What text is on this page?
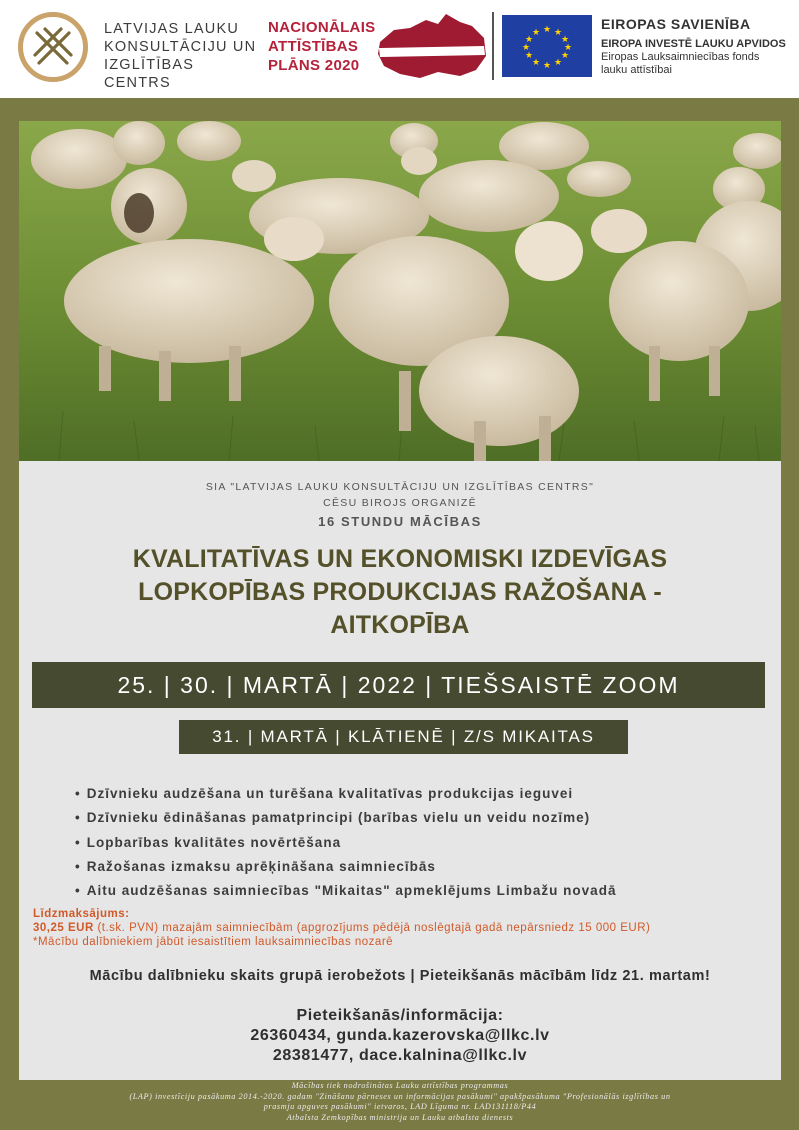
LATVIJAS LAUKU
KONSULTĀCIJU UN
IZGLĪTĪBAS CENTRS
NACIONĀLAIS
ATTĪSTĪBAS
PLĀNS 2020
★ ★
★
★
★
★
★
★
★
★
★
★
EIROPAS SAVIENĪBA
EIROPA INVESTĒ LAUKU APVIDOS
Eiropas Lauksaimniecības fonds
lauku attīstībai
SIA "LATVIJAS LAUKU KONSULTĀCIJU UN IZGLĪTĪBAS CENTRS"
CĒSU BIROJS ORGANIZĒ
16 STUNDU MĀCĪBAS
KVALITATĪVAS UN EKONOMISKI IZDEVĪGAS
LOPKOPĪBAS PRODUKCIJAS RAŽOŠANA -
AITKOPĪBA
25. | 30. | MARTĀ | 2022 | TIEŠSAISTĒ ZOOM
31. | MARTĀ | KLĀTIENĒ | Z/S MIKAITAS
• Dzīvnieku audzēšana un turēšana kvalitatīvas produkcijas ieguvei
• Dzīvnieku ēdināšanas pamatprincipi (barības vielu un veidu nozīme)
• Lopbarības kvalitātes novērtēšana
• Ražošanas izmaksu aprēķināšana saimniecībās
• Aitu audzēšanas saimniecības "Mikaitas" apmeklējums Limbažu novadā
Līdzmaksājums:
30,25 EUR (t.sk. PVN) mazajām saimniecībām (apgrozījums pēdējā noslēgtajā gadā nepārsniedz 15 000 EUR)
*Mācību dalībniekiem jābūt iesaistītiem lauksaimniecības nozarē
Mācību dalībnieku skaits grupā ierobežots | Pieteikšanās mācībām līdz 21. martam!
Pieteikšanās/informācija:
26360434, gunda.kazerovska@llkc.lv
28381477, dace.kalnina@llkc.lv
Mācības tiek nodrošinātas Lauku attīstības programmas
(LAP) investīciju pasākuma 2014.-2020. gadam "Zināšanu pārneses un informācijas pasākumi" apakšpasākuma "Profesionālās izglītības un
prasmju apguves pasākumi" ietvaros, LAD Līguma nr. LAD131118/P44
Atbalsta Zemkopības ministrija un Lauku atbalsta dienests
